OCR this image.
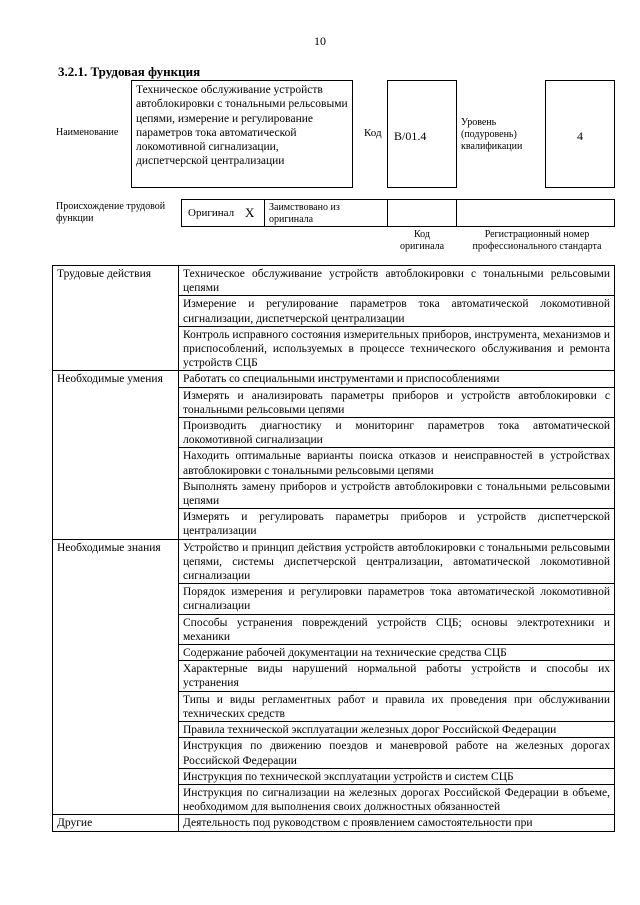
10
3.2.1. Трудовая функция
Наименование
Техническое обслуживание устройств автоблокировки с тональными рельсовыми цепями, измерение и регулирование параметров тока автоматической локомотивной сигнализации, диспетчерской централизации
Код	B/01.4
Уровень (подуровень) квалификации
4
Происхождение трудовой функции	Оригинал X	Заимствовано из оригинала
Код оригинала
Регистрационный номер профессионального стандарта
Трудовые действия	Техническое обслуживание устройств автоблокировки с тональными рельсовыми цепями
	Измерение и регулирование параметров тока автоматической локомотивной сигнализации, диспетчерской централизации
	Контроль исправного состояния измерительных приборов, инструмента, механизмов и приспособлений, используемых в процессе технического обслуживания и ремонта устройств СЦБ
Необходимые умения	Работать со специальными инструментами и приспособлениями
	Измерять и анализировать параметры приборов и устройств автоблокировки с тональными рельсовыми цепями
	Производить диагностику и мониторинг параметров тока автоматической локомотивной сигнализации
	Находить оптимальные варианты поиска отказов и неисправностей в устройствах автоблокировки с тональными рельсовыми цепями
	Выполнять замену приборов и устройств автоблокировки с тональными рельсовыми цепями
	Измерять и регулировать параметры приборов и устройств диспетчерской централизации
Необходимые знания	Устройство и принцип действия устройств автоблокировки с тональными рельсовыми цепями, системы диспетчерской централизации, автоматической локомотивной сигнализации
	Порядок измерения и регулировки параметров тока автоматической локомотивной сигнализации
	Способы устранения повреждений устройств СЦБ; основы электротехники и механики
	Содержание рабочей документации на технические средства СЦБ
	Характерные виды нарушений нормальной работы устройств и способы их устранения
	Типы и виды регламентных работ и правила их проведения при обслуживании технических средств
	Правила технической эксплуатации железных дорог Российской Федерации
	Инструкция по движению поездов и маневровой работе на железных дорогах Российской Федерации
	Инструкция по технической эксплуатации устройств и систем СЦБ
	Инструкция по сигнализации на железных дорогах Российской Федерации в объеме, необходимом для выполнения своих должностных обязанностей
Другие	Деятельность под руководством с проявлением самостоятельности при
